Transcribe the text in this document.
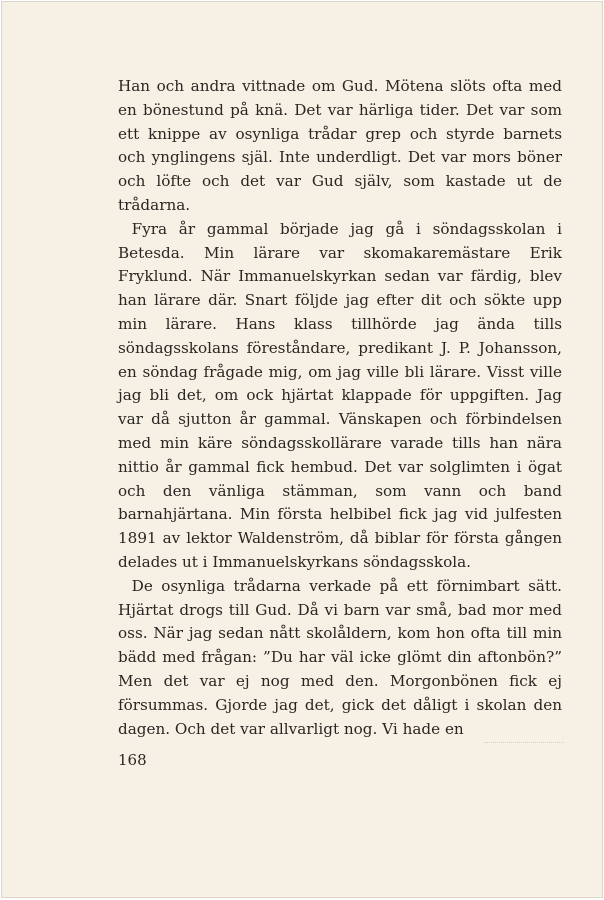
Han och andra vittnade om Gud. Mötena slöts ofta med en bönestund på knä. Det var härliga tider. Det var som ett knippe av osynliga trådar grep och styrde barnets och ynglingens själ. Inte underdligt. Det var mors böner och löfte och det var Gud själv, som kastade ut de trådarna.

Fyra år gammal började jag gå i söndagsskolan i Betesda. Min lärare var skomakaremästare Erik Fryklund. När Immanuelskyrkan sedan var färdig, blev han lärare där. Snart följde jag efter dit och sökte upp min lärare. Hans klass tillhörde jag ända tills söndagsskolans föreståndare, predikant J. P. Johansson, en söndag frågade mig, om jag ville bli lärare. Visst ville jag bli det, om ock hjärtat klappade för uppgiften. Jag var då sjutton år gammal. Vänskapen och förbindelsen med min käre söndagsskollärare varade tills han nära nittio år gammal fick hembud. Det var solglimten i ögat och den vänliga stämman, som vann och band barnahjärtana. Min första helbibel fick jag vid julfesten 1891 av lektor Waldenström, då biblar för första gången delades ut i Immanuelskyrkans söndagsskola.

De osynliga trådarna verkade på ett förnimbart sätt. Hjärtat drogs till Gud. Då vi barn var små, bad mor med oss. När jag sedan nått skolåldern, kom hon ofta till min bädd med frågan: ”Du har väl icke glömt din aftonbön?” Men det var ej nog med den. Morgonbönen fick ej försummas. Gjorde jag det, gick det dåligt i skolan den dagen. Och det var allvarligt nog. Vi hade en

168
